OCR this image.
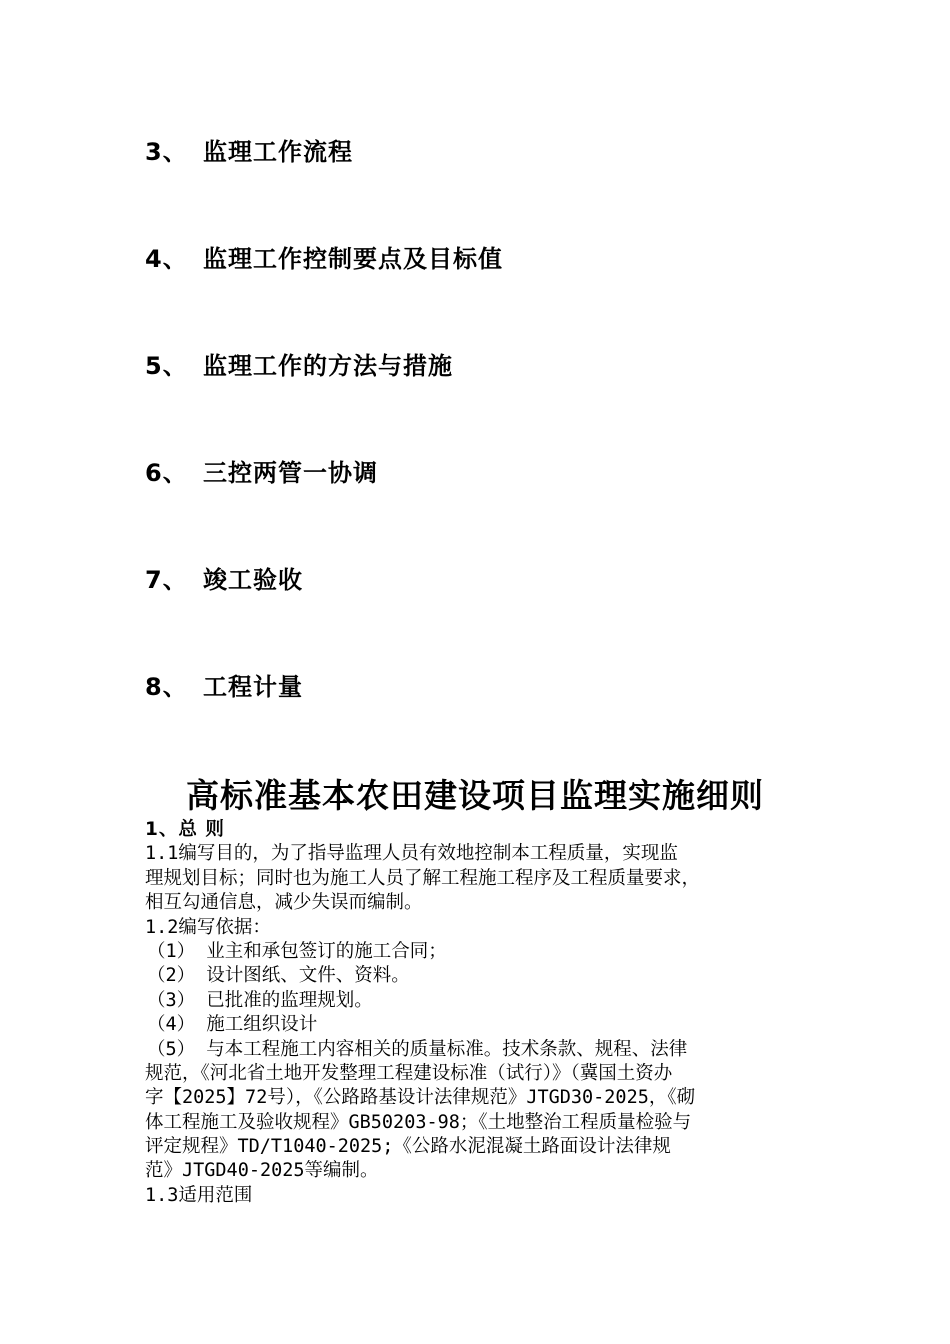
3、 监理工作流程
4、 监理工作控制要点及目标值
5、 监理工作的方法与措施
6、 三控两管一协调
7、 竣工验收
8、 工程计量
高标准基本农田建设项目监理实施细则
1、总 则
1.1编写目的，为了指导监理人员有效地控制本工程质量，实现监
理规划目标；同时也为施工人员了解工程施工程序及工程质量要求，
相互勾通信息，减少失误而编制。
1.2编写依据：
（1） 业主和承包签订的施工合同；
（2） 设计图纸、文件、资料。
（3） 已批准的监理规划。
（4） 施工组织设计
（5） 与本工程施工内容相关的质量标准。技术条款、规程、法律
规范，《河北省土地开发整理工程建设标准（试行）》（冀国土资办
字【2025】72号），《公路路基设计法律规范》JTGD30-2025，《砌
体工程施工及验收规程》GB50203-98；《土地整治工程质量检验与
评定规程》TD/T1040-2025;《公路水泥混凝土路面设计法律规
范》JTGD40-2025等编制。
1.3适用范围
